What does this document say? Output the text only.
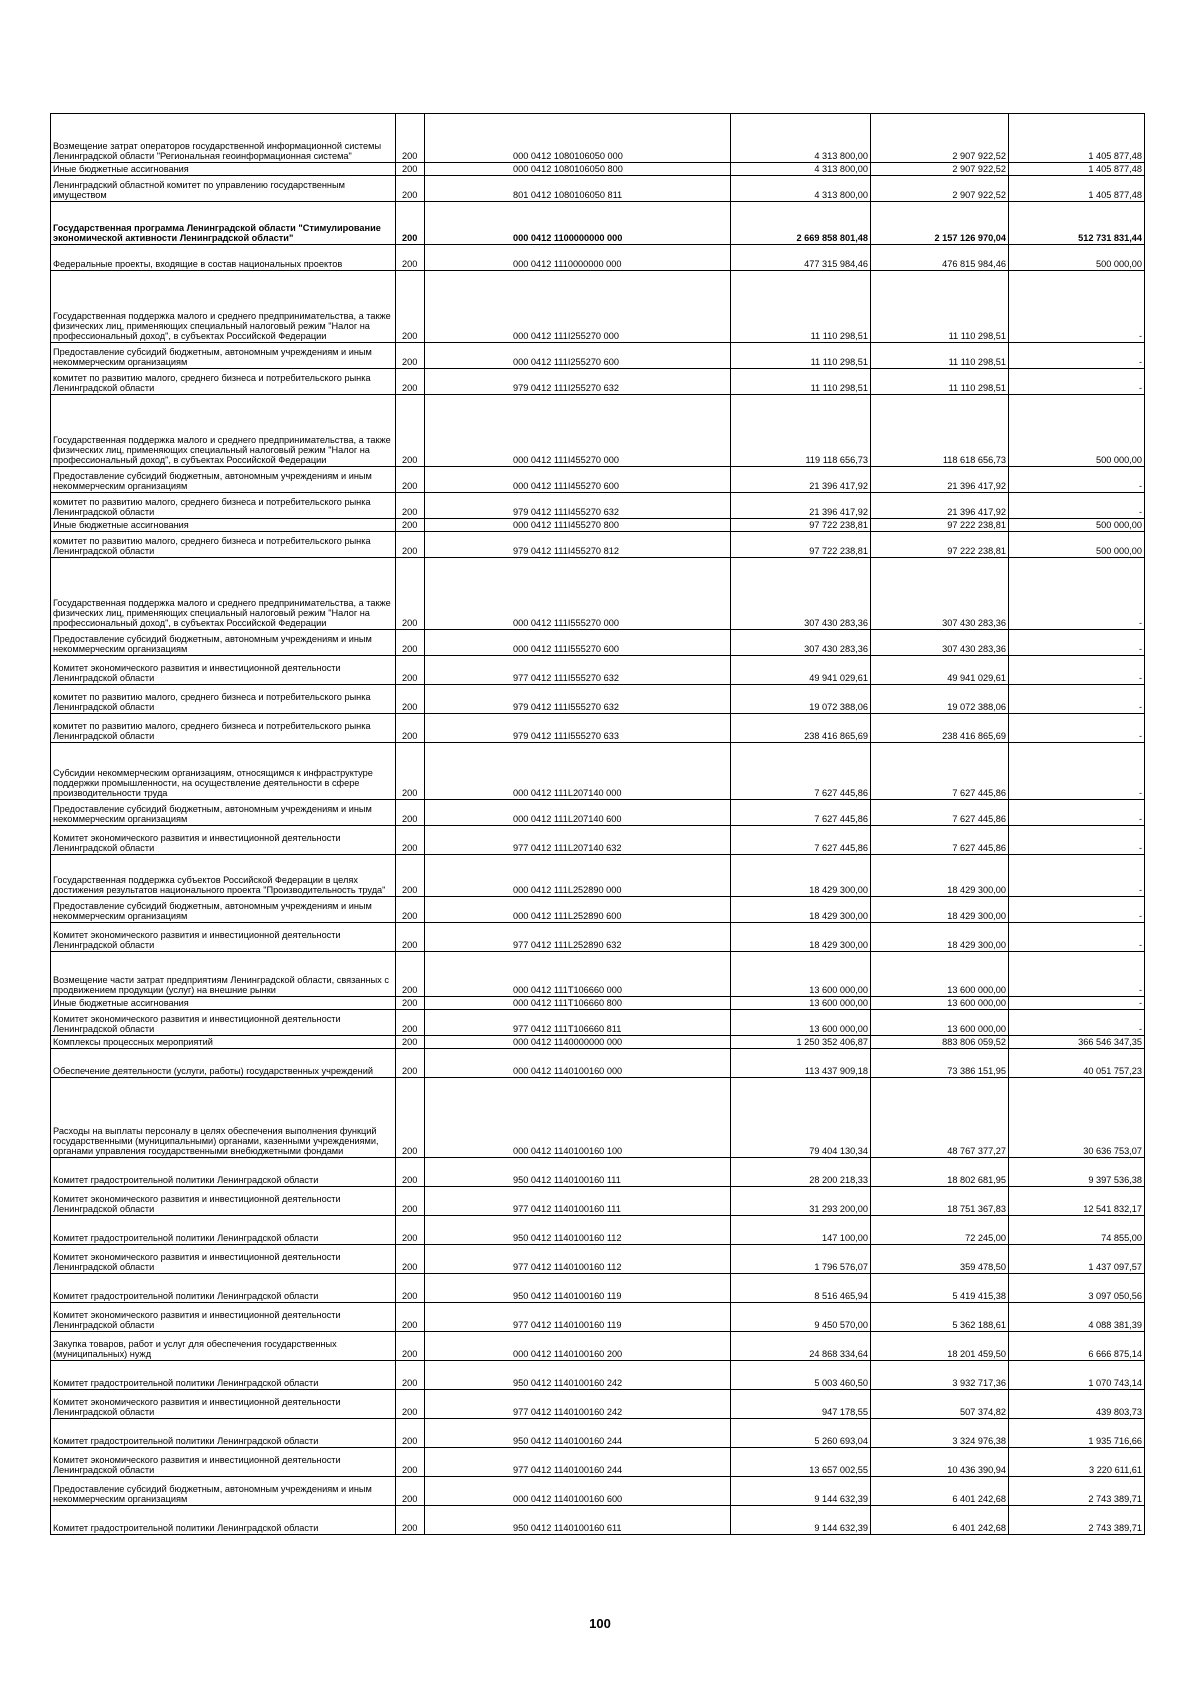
Возмещение затрат операторов государственной информационной системы Ленинградской области "Региональная геоинформационная система"	200	000 0412 1080106050 000	4 313 800,00	2 907 922,52	1 405 877,48
Иные бюджетные ассигнования	200	000 0412 1080106050 800	4 313 800,00	2 907 922,52	1 405 877,48
Ленинградский областной комитет по управлению государственным имуществом	200	801 0412 1080106050 811	4 313 800,00	2 907 922,52	1 405 877,48
Государственная программа Ленинградской области "Стимулирование экономической активности Ленинградской области"	200	000 0412 1100000000 000	2 669 858 801,48	2 157 126 970,04	512 731 831,44
Федеральные проекты, входящие в состав национальных проектов	200	000 0412 1110000000 000	477 315 984,46	476 815 984,46	500 000,00
Государственная поддержка малого и среднего предпринимательства, а также физических лиц, применяющих специальный налоговый режим "Налог на профессиональный доход", в субъектах Российской Федерации	200	000 0412 111I255270 000	11 110 298,51	11 110 298,51	-
Предоставление субсидий бюджетным, автономным учреждениям и иным некоммерческим организациям	200	000 0412 111I255270 600	11 110 298,51	11 110 298,51	-
комитет по развитию малого, среднего бизнеса и потребительского рынка Ленинградской области	200	979 0412 111I255270 632	11 110 298,51	11 110 298,51	-
Государственная поддержка малого и среднего предпринимательства, а также физических лиц, применяющих специальный налоговый режим "Налог на профессиональный доход", в субъектах Российской Федерации	200	000 0412 111I455270 000	119 118 656,73	118 618 656,73	500 000,00
Предоставление субсидий бюджетным, автономным учреждениям и иным некоммерческим организациям	200	000 0412 111I455270 600	21 396 417,92	21 396 417,92	-
комитет по развитию малого, среднего бизнеса и потребительского рынка Ленинградской области	200	979 0412 111I455270 632	21 396 417,92	21 396 417,92	-
Иные бюджетные ассигнования	200	000 0412 111I455270 800	97 722 238,81	97 222 238,81	500 000,00
комитет по развитию малого, среднего бизнеса и потребительского рынка Ленинградской области	200	979 0412 111I455270 812	97 722 238,81	97 222 238,81	500 000,00
Государственная поддержка малого и среднего предпринимательства, а также физических лиц, применяющих специальный налоговый режим "Налог на профессиональный доход", в субъектах Российской Федерации	200	000 0412 111I555270 000	307 430 283,36	307 430 283,36	-
Предоставление субсидий бюджетным, автономным учреждениям и иным некоммерческим организациям	200	000 0412 111I555270 600	307 430 283,36	307 430 283,36	-
Комитет экономического развития и инвестиционной деятельности Ленинградской области	200	977 0412 111I555270 632	49 941 029,61	49 941 029,61	-
комитет по развитию малого, среднего бизнеса и потребительского рынка Ленинградской области	200	979 0412 111I555270 632	19 072 388,06	19 072 388,06	-
комитет по развитию малого, среднего бизнеса и потребительского рынка Ленинградской области	200	979 0412 111I555270 633	238 416 865,69	238 416 865,69	-
Субсидии некоммерческим организациям, относящимся к инфраструктуре поддержки промышленности, на осуществление деятельности в сфере производительности труда	200	000 0412 111L207140 000	7 627 445,86	7 627 445,86	-
Предоставление субсидий бюджетным, автономным учреждениям и иным некоммерческим организациям	200	000 0412 111L207140 600	7 627 445,86	7 627 445,86	-
Комитет экономического развития и инвестиционной деятельности Ленинградской области	200	977 0412 111L207140 632	7 627 445,86	7 627 445,86	-
Государственная поддержка субъектов Российской Федерации в целях достижения результатов национального проекта "Производительность труда"	200	000 0412 111L252890 000	18 429 300,00	18 429 300,00	-
Предоставление субсидий бюджетным, автономным учреждениям и иным некоммерческим организациям	200	000 0412 111L252890 600	18 429 300,00	18 429 300,00	-
Комитет экономического развития и инвестиционной деятельности Ленинградской области	200	977 0412 111L252890 632	18 429 300,00	18 429 300,00	-
Возмещение части затрат предприятиям Ленинградской области, связанных с продвижением продукции (услуг) на внешние рынки	200	000 0412 111T106660 000	13 600 000,00	13 600 000,00	-
Иные бюджетные ассигнования	200	000 0412 111T106660 800	13 600 000,00	13 600 000,00	-
Комитет экономического развития и инвестиционной деятельности Ленинградской области	200	977 0412 111T106660 811	13 600 000,00	13 600 000,00	-
Комплексы процессных мероприятий	200	000 0412 1140000000 000	1 250 352 406,87	883 806 059,52	366 546 347,35
Обеспечение деятельности (услуги, работы) государственных учреждений	200	000 0412 1140100160 000	113 437 909,18	73 386 151,95	40 051 757,23
Расходы на выплаты персоналу в целях обеспечения выполнения функций государственными (муниципальными) органами, казенными учреждениями, органами управления государственными внебюджетными фондами	200	000 0412 1140100160 100	79 404 130,34	48 767 377,27	30 636 753,07
Комитет градостроительной политики Ленинградской области	200	950 0412 1140100160 111	28 200 218,33	18 802 681,95	9 397 536,38
Комитет экономического развития и инвестиционной деятельности Ленинградской области	200	977 0412 1140100160 111	31 293 200,00	18 751 367,83	12 541 832,17
Комитет градостроительной политики Ленинградской области	200	950 0412 1140100160 112	147 100,00	72 245,00	74 855,00
Комитет экономического развития и инвестиционной деятельности Ленинградской области	200	977 0412 1140100160 112	1 796 576,07	359 478,50	1 437 097,57
Комитет градостроительной политики Ленинградской области	200	950 0412 1140100160 119	8 516 465,94	5 419 415,38	3 097 050,56
Комитет экономического развития и инвестиционной деятельности Ленинградской области	200	977 0412 1140100160 119	9 450 570,00	5 362 188,61	4 088 381,39
Закупка товаров, работ и услуг для обеспечения государственных (муниципальных) нужд	200	000 0412 1140100160 200	24 868 334,64	18 201 459,50	6 666 875,14
Комитет градостроительной политики Ленинградской области	200	950 0412 1140100160 242	5 003 460,50	3 932 717,36	1 070 743,14
Комитет экономического развития и инвестиционной деятельности Ленинградской области	200	977 0412 1140100160 242	947 178,55	507 374,82	439 803,73
Комитет градостроительной политики Ленинградской области	200	950 0412 1140100160 244	5 260 693,04	3 324 976,38	1 935 716,66
Комитет экономического развития и инвестиционной деятельности Ленинградской области	200	977 0412 1140100160 244	13 657 002,55	10 436 390,94	3 220 611,61
Предоставление субсидий бюджетным, автономным учреждениям и иным некоммерческим организациям	200	000 0412 1140100160 600	9 144 632,39	6 401 242,68	2 743 389,71
Комитет градостроительной политики Ленинградской области	200	950 0412 1140100160 611	9 144 632,39	6 401 242,68	2 743 389,71
100
